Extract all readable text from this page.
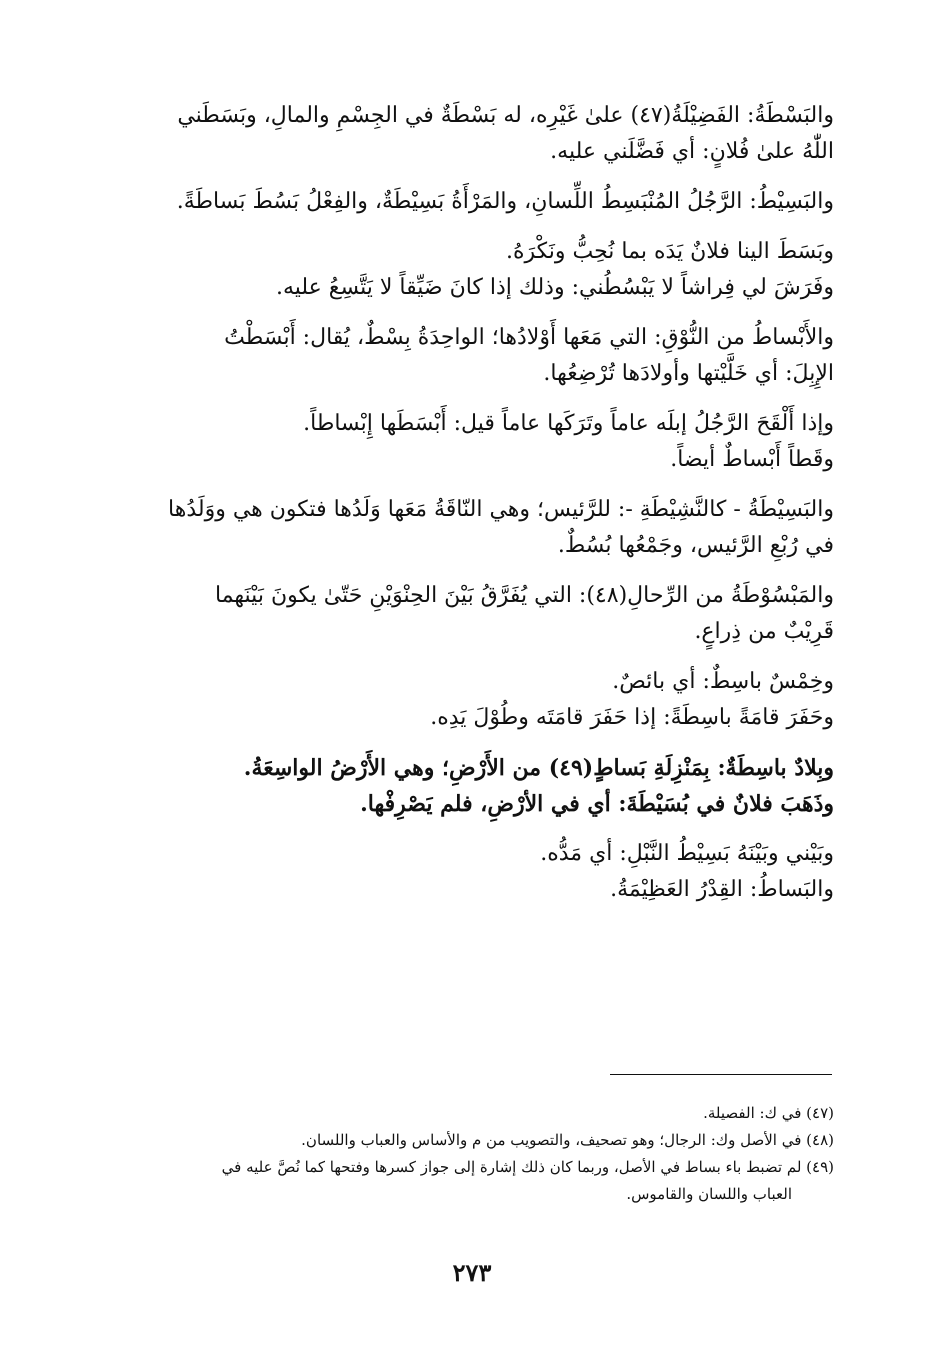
والبَسْطَةُ: الفَضِيْلَةُ(٤٧) علىٰ غَيْرِه، له بَسْطَةٌ في الجِسْمِ والمالِ، وبَسَطَني
اللّٰهُ علىٰ فُلانٍ: أي فَضَّلَني عليه.

والبَسِيْطُ: الرَّجُلُ المُنْبَسِطُ اللِّسانِ، والمَرْأَةُ بَسِيْطَةٌ، والفِعْلُ بَسُطَ بَساطَةً.

وبَسَطَ الينا فلانٌ يَدَه بما نُحِبُّ ونَكْرَهُ.
وفَرَشَ لي فِراشاً لا يَبْسُطُني: وذلك إذا كانَ ضَيِّقاً لا يَتَّسِعُ عليه.

والأَبْساطُ من النُّوْقِ: التي مَعَها أَوْلادُها؛ الواحِدَةُ بِسْطٌ، يُقال: أَبْسَطْتُ
الإِبِلَ: أي خَلَّيْتها وأولادَها تُرْضِعُها.

وإذا أَلْقَحَ الرَّجُلُ إبلَه عاماً وتَرَكَها عاماً قيل: أَبْسَطَها إِبْساطاً.
وقَطاً أَبْساطٌ أيضاً.

والبَسِيْطَةُ - كالنَّشِيْطَةِ -: للرَّئيس؛ وهي النّاقَةُ مَعَها وَلَدُها فتكون هي ووَلَدُها
في رُبْعِ الرَّئيس، وجَمْعُها بُسُطٌ.

والمَبْسُوْطَةُ من الرِّحالِ(٤٨): التي يُفَرَّقُ بَيْنَ الحِنْوَيْنِ حَتّىٰ يكونَ بَيْنَهما
قَرِيْبٌ من ذِراعٍ.

وخِمْسٌ باسِطٌ: أي بائصٌ.
وحَفَرَ قامَةً باسِطَةً: إذا حَفَرَ قامَتَه وطُوْلَ يَدِه.

وبِلادٌ باسِطَةٌ: بِمَنْزِلَةِ بَساطٍ(٤٩) من الأَرْضِ؛ وهي الأَرْضُ الواسِعَةُ.
وذَهَبَ فلانٌ في بُسَيْطَةَ: أي في الأرْضِ، فلم يَصْرِفْها.

وبَيْني وبَيْنَهُ بَسِيْطُ النَّبْلِ: أي مَدُّه.
والبَساطُ: القِدْرُ العَظِيْمَةُ.

(٤٧) في ك: الفصيلة.
(٤٨) في الأصل وك: الرجال؛ وهو تصحيف، والتصويب من م والأساس والعباب واللسان.
(٤٩) لم تضبط باء بساط في الأصل، وربما كان ذلك إشارة إلى جواز كسرها وفتحها كما نُصَّ عليه في
العباب واللسان والقاموس.
٢٧٣
